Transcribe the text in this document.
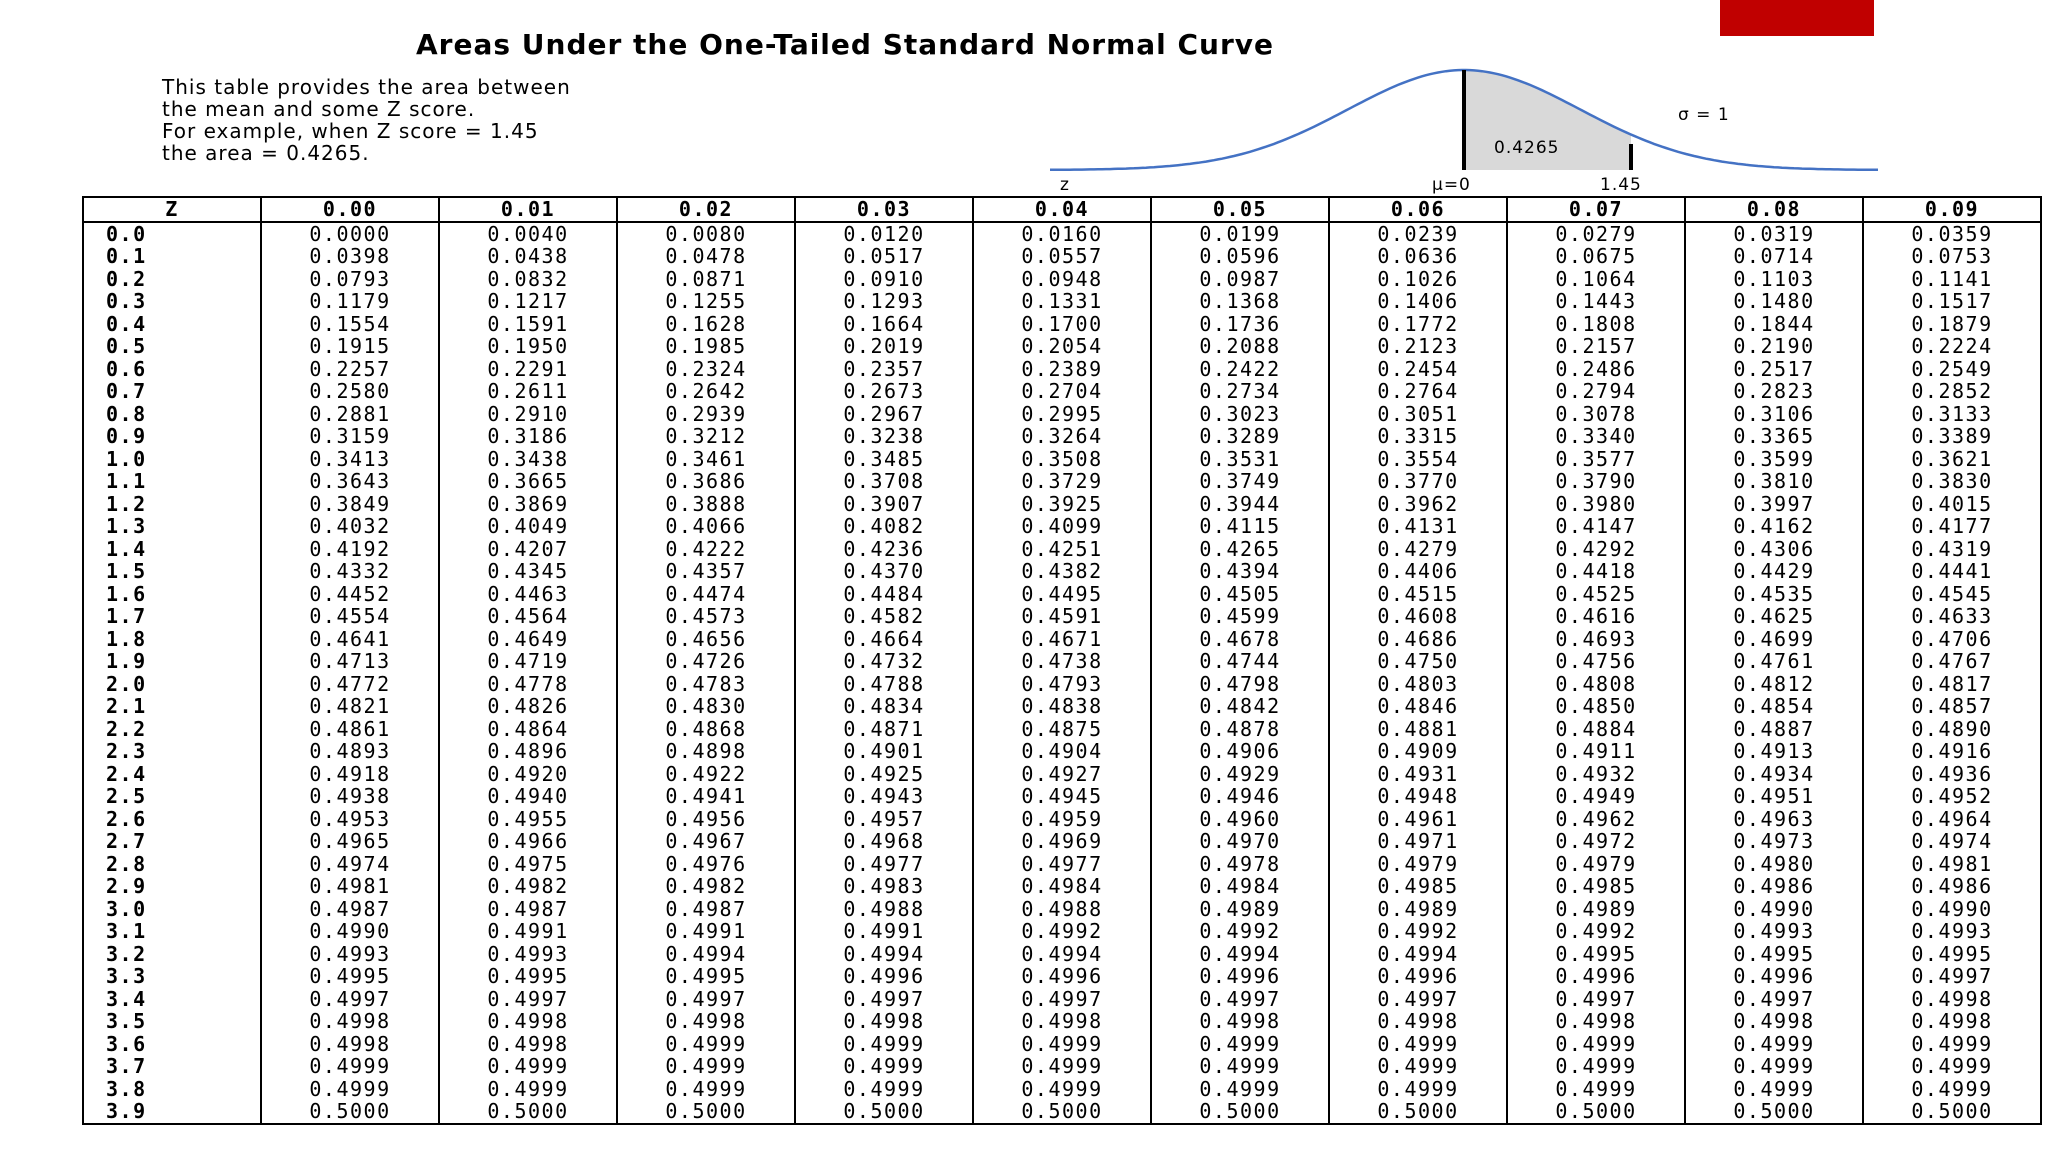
Areas Under the One-Tailed Standard Normal Curve
This table provides the area between
the mean and some Z score.
For example, when Z score = 1.45
the area = 0.4265.	0.4265
σ = 1
z	μ=0	1.45
Z	0.00	0.01	0.02	0.03	0.04	0.05	0.06	0.07	0.08	0.09
0.0	0.0000	0.0040	0.0080	0.0120	0.0160	0.0199	0.0239	0.0279	0.0319	0.0359
0.1	0.0398	0.0438	0.0478	0.0517	0.0557	0.0596	0.0636	0.0675	0.0714	0.0753
0.2	0.0793	0.0832	0.0871	0.0910	0.0948	0.0987	0.1026	0.1064	0.1103	0.1141
0.3	0.1179	0.1217	0.1255	0.1293	0.1331	0.1368	0.1406	0.1443	0.1480	0.1517
0.4	0.1554	0.1591	0.1628	0.1664	0.1700	0.1736	0.1772	0.1808	0.1844	0.1879
0.5	0.1915	0.1950	0.1985	0.2019	0.2054	0.2088	0.2123	0.2157	0.2190	0.2224
0.6	0.2257	0.2291	0.2324	0.2357	0.2389	0.2422	0.2454	0.2486	0.2517	0.2549
0.7	0.2580	0.2611	0.2642	0.2673	0.2704	0.2734	0.2764	0.2794	0.2823	0.2852
0.8	0.2881	0.2910	0.2939	0.2967	0.2995	0.3023	0.3051	0.3078	0.3106	0.3133
0.9	0.3159	0.3186	0.3212	0.3238	0.3264	0.3289	0.3315	0.3340	0.3365	0.3389
1.0	0.3413	0.3438	0.3461	0.3485	0.3508	0.3531	0.3554	0.3577	0.3599	0.3621
1.1	0.3643	0.3665	0.3686	0.3708	0.3729	0.3749	0.3770	0.3790	0.3810	0.3830
1.2	0.3849	0.3869	0.3888	0.3907	0.3925	0.3944	0.3962	0.3980	0.3997	0.4015
1.3	0.4032	0.4049	0.4066	0.4082	0.4099	0.4115	0.4131	0.4147	0.4162	0.4177
1.4	0.4192	0.4207	0.4222	0.4236	0.4251	0.4265	0.4279	0.4292	0.4306	0.4319
1.5	0.4332	0.4345	0.4357	0.4370	0.4382	0.4394	0.4406	0.4418	0.4429	0.4441
1.6	0.4452	0.4463	0.4474	0.4484	0.4495	0.4505	0.4515	0.4525	0.4535	0.4545
1.7	0.4554	0.4564	0.4573	0.4582	0.4591	0.4599	0.4608	0.4616	0.4625	0.4633
1.8	0.4641	0.4649	0.4656	0.4664	0.4671	0.4678	0.4686	0.4693	0.4699	0.4706
1.9	0.4713	0.4719	0.4726	0.4732	0.4738	0.4744	0.4750	0.4756	0.4761	0.4767
2.0	0.4772	0.4778	0.4783	0.4788	0.4793	0.4798	0.4803	0.4808	0.4812	0.4817
2.1	0.4821	0.4826	0.4830	0.4834	0.4838	0.4842	0.4846	0.4850	0.4854	0.4857
2.2	0.4861	0.4864	0.4868	0.4871	0.4875	0.4878	0.4881	0.4884	0.4887	0.4890
2.3	0.4893	0.4896	0.4898	0.4901	0.4904	0.4906	0.4909	0.4911	0.4913	0.4916
2.4	0.4918	0.4920	0.4922	0.4925	0.4927	0.4929	0.4931	0.4932	0.4934	0.4936
2.5	0.4938	0.4940	0.4941	0.4943	0.4945	0.4946	0.4948	0.4949	0.4951	0.4952
2.6	0.4953	0.4955	0.4956	0.4957	0.4959	0.4960	0.4961	0.4962	0.4963	0.4964
2.7	0.4965	0.4966	0.4967	0.4968	0.4969	0.4970	0.4971	0.4972	0.4973	0.4974
2.8	0.4974	0.4975	0.4976	0.4977	0.4977	0.4978	0.4979	0.4979	0.4980	0.4981
2.9	0.4981	0.4982	0.4982	0.4983	0.4984	0.4984	0.4985	0.4985	0.4986	0.4986
3.0	0.4987	0.4987	0.4987	0.4988	0.4988	0.4989	0.4989	0.4989	0.4990	0.4990
3.1	0.4990	0.4991	0.4991	0.4991	0.4992	0.4992	0.4992	0.4992	0.4993	0.4993
3.2	0.4993	0.4993	0.4994	0.4994	0.4994	0.4994	0.4994	0.4995	0.4995	0.4995
3.3	0.4995	0.4995	0.4995	0.4996	0.4996	0.4996	0.4996	0.4996	0.4996	0.4997
3.4	0.4997	0.4997	0.4997	0.4997	0.4997	0.4997	0.4997	0.4997	0.4997	0.4998
3.5	0.4998	0.4998	0.4998	0.4998	0.4998	0.4998	0.4998	0.4998	0.4998	0.4998
3.6	0.4998	0.4998	0.4999	0.4999	0.4999	0.4999	0.4999	0.4999	0.4999	0.4999
3.7	0.4999	0.4999	0.4999	0.4999	0.4999	0.4999	0.4999	0.4999	0.4999	0.4999
3.8	0.4999	0.4999	0.4999	0.4999	0.4999	0.4999	0.4999	0.4999	0.4999	0.4999
3.9	0.5000	0.5000	0.5000	0.5000	0.5000	0.5000	0.5000	0.5000	0.5000	0.5000
